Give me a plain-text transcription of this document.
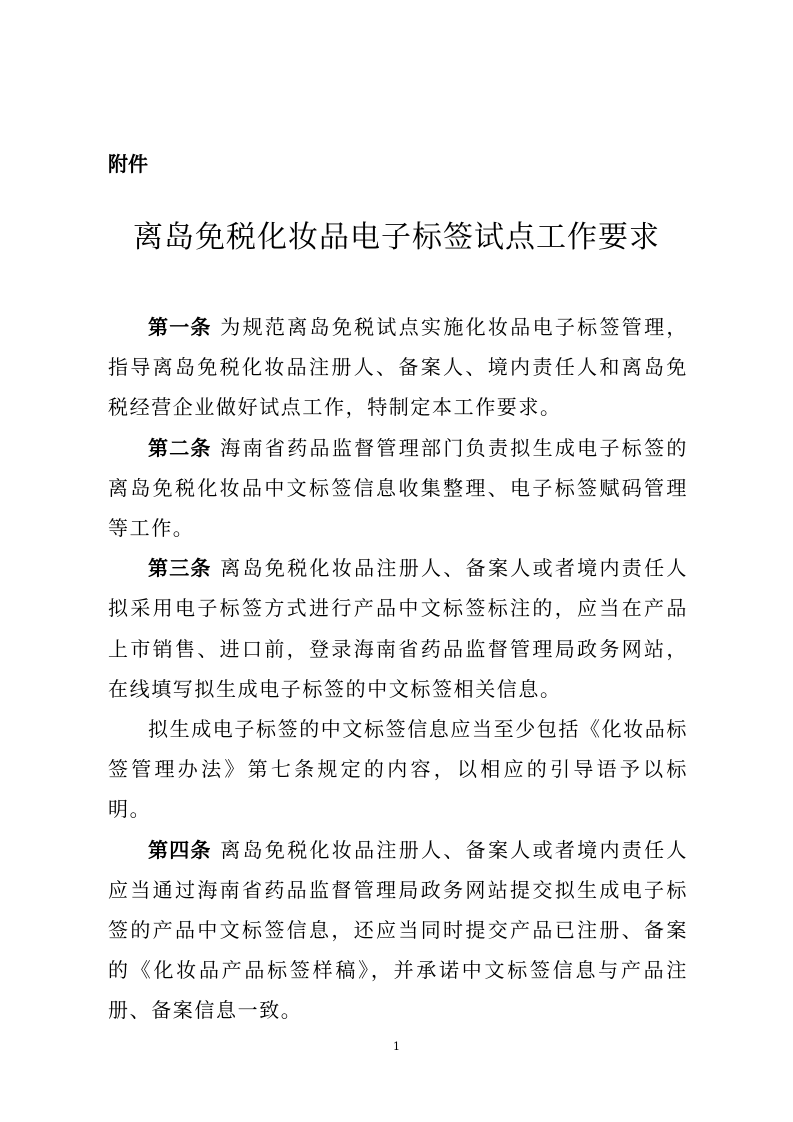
附件
离岛免税化妆品电子标签试点工作要求

第一条 为规范离岛免税试点实施化妆品电子标签管理，指导离岛免税化妆品注册人、备案人、境内责任人和离岛免税经营企业做好试点工作，特制定本工作要求。

第二条 海南省药品监督管理部门负责拟生成电子标签的离岛免税化妆品中文标签信息收集整理、电子标签赋码管理等工作。

第三条 离岛免税化妆品注册人、备案人或者境内责任人拟采用电子标签方式进行产品中文标签标注的，应当在产品上市销售、进口前，登录海南省药品监督管理局政务网站，在线填写拟生成电子标签的中文标签相关信息。

拟生成电子标签的中文标签信息应当至少包括《化妆品标签管理办法》第七条规定的内容，以相应的引导语予以标明。

第四条 离岛免税化妆品注册人、备案人或者境内责任人应当通过海南省药品监督管理局政务网站提交拟生成电子标签的产品中文标签信息，还应当同时提交产品已注册、备案的《化妆品产品标签样稿》，并承诺中文标签信息与产品注册、备案信息一致。

1
